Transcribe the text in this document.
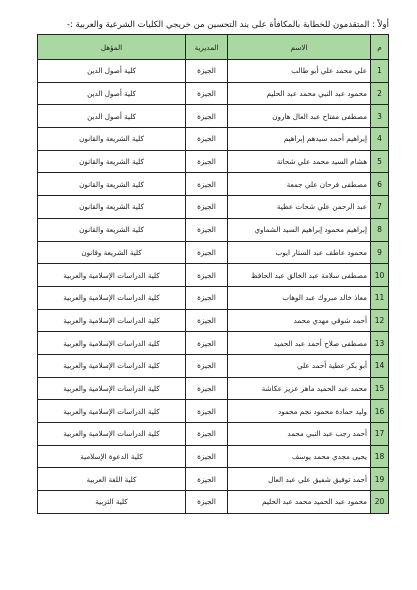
أولاً : المتقدمون للخطابة بالمكافأة على بند التحسين من خريجي الكليات الشرعية والعربية :-
م	الاسم	المديرية	المؤهل
1	علي محمد علي أبو طالب	الجيزة	كلية أصول الدين
2	محمود عبد النبي محمد عبد الحليم	الجيزة	كلية أصول الدين
3	مصطفى مفتاح عبد العال هارون	الجيزة	كلية أصول الدين
4	إبراهيم أحمد سيدهم إبراهيم	الجيزة	كلية الشريعة والقانون
5	هشام السيد محمد علي شحاتة	الجيزة	كلية الشريعة والقانون
6	مصطفى فرحان علي جمعة	الجيزة	كلية الشريعة والقانون
7	عبد الرحمن علي شحات عطية	الجيزة	كلية الشريعة والقانون
8	إبراهيم محمود إبراهيم السيد الشماوي	الجيزة	كلية الشريعة والقانون
9	محمود عاطف عبد الستار ايوب	الجيزة	كلية الشريعة وقانون
10	مصطفى سلامة عبد الخالق عبد الحافظ	الجيزة	كلية الدراسات الإسلامية والعربية
11	معاذ خالد مبروك عبد الوهاب	الجيزة	كلية الدراسات الإسلامية والعربية
12	أحمد شوقي مهدي محمد	الجيزة	كلية الدراسات الإسلامية والعربية
13	مصطفى صلاح أحمد عبد الحميد	الجيزة	كلية الدراسات الإسلامية والعربية
14	أبو بكر عطية أحمد علي	الجيزة	كلية الدراسات الإسلامية والعربية
15	محمد عبد الحميد ماهر عزيز عكاشة	الجيزة	كلية الدراسات الإسلامية والعربية
16	وليد حمادة محمود نجم محمود	الجيزة	كلية الدراسات الإسلامية والعربية
17	أحمد رجب عبد النبي محمد	الجيزة	كلية الدراسات الإسلامية والعربية
18	يحيى مجدي محمد يوسف	الجيزة	كلية الدعوة الإسلامية
19	أحمد توفيق شفيق علي عبد العال	الجيزة	كلية اللغة العربية
20	محمود عبد الحميد محمد عبد الحليم	الجيزة	كلية التربية
